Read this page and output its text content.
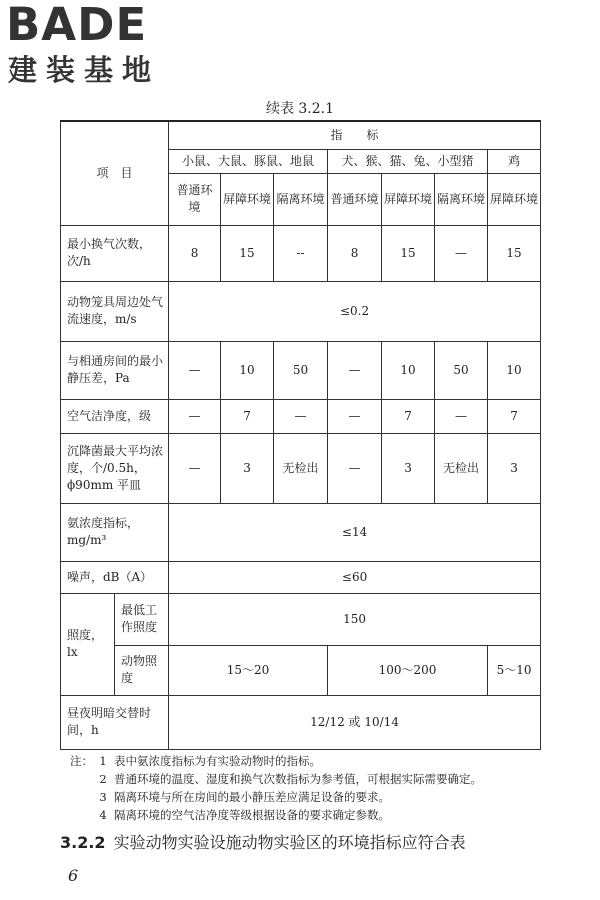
BADE
建装基地
续表 3.2.1
项　目		指　　标						
		小鼠、大鼠、豚鼠、地鼠			犬、猴、猫、兔、小型猪			鸡
		普通环境	屏障环境	隔离环境	普通环境	屏障环境	隔离环境	屏障环境
最小换气次数，次/h		8	15	--	8	15	—	15
动物笼具周边处气流速度，m/s		≤0.2						
与相通房间的最小静压差，Pa		—	10	50	—	10	50	10
空气洁净度，级		—	7	—	—	7	—	7
沉降菌最大平均浓度，个/0.5h，ϕ90mm 平皿		—	3	无检出	—	3	无检出	3
氨浓度指标，mg/m³		≤14						
噪声，dB（A）		≤60						
照度，lx	最低工作照度	150						
	动物照度	15～20			100～200			5～10
昼夜明暗交替时间，h		12/12 或 10/14						
注： 1 表中氨浓度指标为有实验动物时的指标。
2 普通环境的温度、湿度和换气次数指标为参考值，可根据实际需要确定。
3 隔离环境与所在房间的最小静压差应满足设备的要求。
4 隔离环境的空气洁净度等级根据设备的要求确定参数。
3.2.2 实验动物实验设施动物实验区的环境指标应符合表
6
